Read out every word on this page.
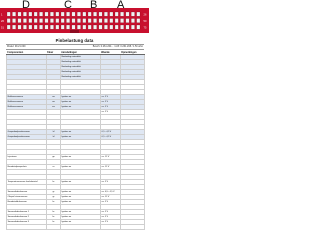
1	26
26	50
51	75
D	C B A
Pinbelastung data
Model: 09.21.000	Bosch: 0.261.204... / A.B: 0.261.208 / 1.5l turbo
Componenten	Kleur	Aansluitingen	Waarde	Opmerkingen
		Bedrading motorblok		
		Bedrading motorblok		
		Bedrading motorblok		
		Bedrading motorblok		
		Bedrading motorblok		

Nokkenassensor	sw	Ignition on	ca. 5 V	
Nokkenassensor	sw	Ignition on	ca. 5 V	
Nokkenassensor	ws	Ignition on	ca. 5 V	
			ca. 5 V	

Gaspedaalpositiesensor	bl	Ignition on	0,5 - 4,5 V	
Gaspedaalpositiesensor	bl	Ignition on	0,5 - 4,5 V	

Injectoren	ge	Ignition on	ca. 12 V	

Brandstofpomprelais	ro	Ignition on	ca. 12 V	

Temperatuursensor koelvloeistof	br	Ignition on	ca. 5 V	

Smeeroliedruksensor	gr	Ignition on	ca. 0,5 - 4,5 V	
Oliepeil niveausensor	gr	Ignition on	ca. 12 V	
Brandstofdruksensor	br	Ignition on	ca. 5 V	

Smeeroliedruksensor 1	br	Ignition on	ca. 5 V	
Smeeroliedruksensor 2	br	Ignition on	ca. 5 V	
Smeeroliedruksensor 3	br	Ignition on	ca. 5 V	
